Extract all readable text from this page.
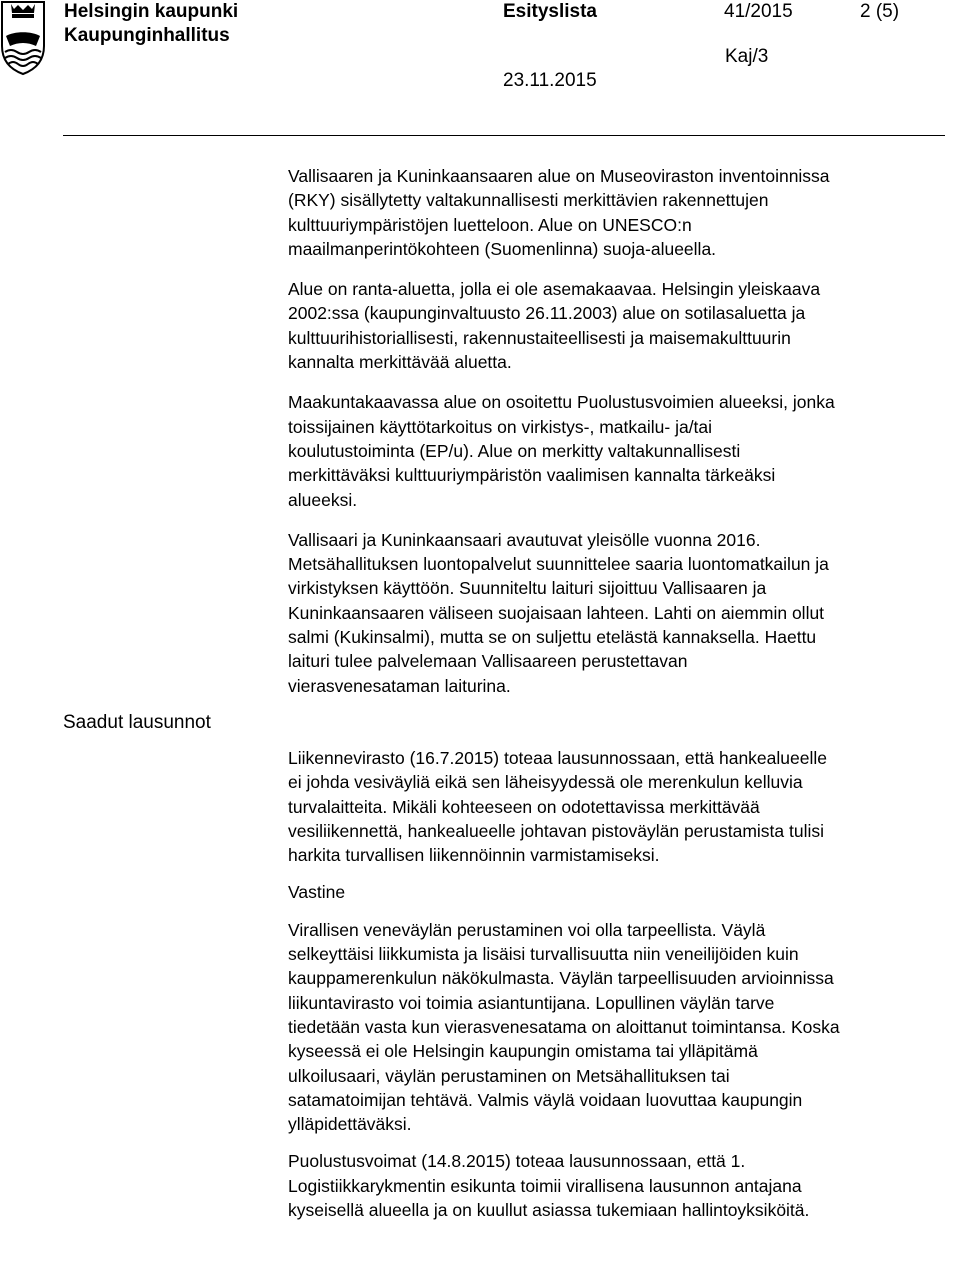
Helsingin kaupunki
Kaupunginhallitus
Esityslista	41/2015	2 (5)
Kaj/3
23.11.2015
Saadut lausunnot

Vallisaaren ja Kuninkaansaaren alue on Museoviraston inventoinnissa

(RKY) sisällytetty valtakunnallisesti merkittävien rakennettujen

kulttuuriympäristöjen luetteloon. Alue on UNESCO:n

maailmanperintökohteen (Suomenlinna) suoja-alueella.

Alue on ranta-aluetta, jolla ei ole asemakaavaa. Helsingin yleiskaava

2002:ssa (kaupunginvaltuusto 26.11.2003) alue on sotilasaluetta ja

kulttuurihistoriallisesti, rakennustaiteellisesti ja maisemakulttuurin

kannalta merkittävää aluetta.

Maakuntakaavassa alue on osoitettu Puolustusvoimien alueeksi, jonka

toissijainen käyttötarkoitus on virkistys-, matkailu- ja/tai

koulutustoiminta (EP/u). Alue on merkitty valtakunnallisesti

merkittäväksi kulttuuriympäristön vaalimisen kannalta tärkeäksi

alueeksi.

Vallisaari ja Kuninkaansaari avautuvat yleisölle vuonna 2016.

Metsähallituksen luontopalvelut suunnittelee saaria luontomatkailun ja

virkistyksen käyttöön. Suunniteltu laituri sijoittuu Vallisaaren ja

Kuninkaansaaren väliseen suojaisaan lahteen. Lahti on aiemmin ollut

salmi (Kukinsalmi), mutta se on suljettu etelästä kannaksella. Haettu

laituri tulee palvelemaan Vallisaareen perustettavan

vierasvenesataman laiturina.

Liikennevirasto (16.7.2015) toteaa lausunnossaan, että hankealueelle

ei johda vesiväyliä eikä sen läheisyydessä ole merenkulun kelluvia

turvalaitteita. Mikäli kohteeseen on odotettavissa merkittävää

vesiliikennettä, hankealueelle johtavan pistoväylän perustamista tulisi

harkita turvallisen liikennöinnin varmistamiseksi.

Vastine

Virallisen veneväylän perustaminen voi olla tarpeellista. Väylä

selkeyttäisi liikkumista ja lisäisi turvallisuutta niin veneilijöiden kuin

kauppamerenkulun näkökulmasta. Väylän tarpeellisuuden arvioinnissa

liikuntavirasto voi toimia asiantuntijana. Lopullinen väylän tarve

tiedetään vasta kun vierasvenesatama on aloittanut toimintansa. Koska

kyseessä ei ole Helsingin kaupungin omistama tai ylläpitämä

ulkoilusaari, väylän perustaminen on Metsähallituksen tai

satamatoimijan tehtävä. Valmis väylä voidaan luovuttaa kaupungin

ylläpidettäväksi.

Puolustusvoimat (14.8.2015) toteaa lausunnossaan, että 1.

Logistiikkarykmentin esikunta toimii virallisena lausunnon antajana

kyseisellä alueella ja on kuullut asiassa tukemiaan hallintoyksiköitä.
